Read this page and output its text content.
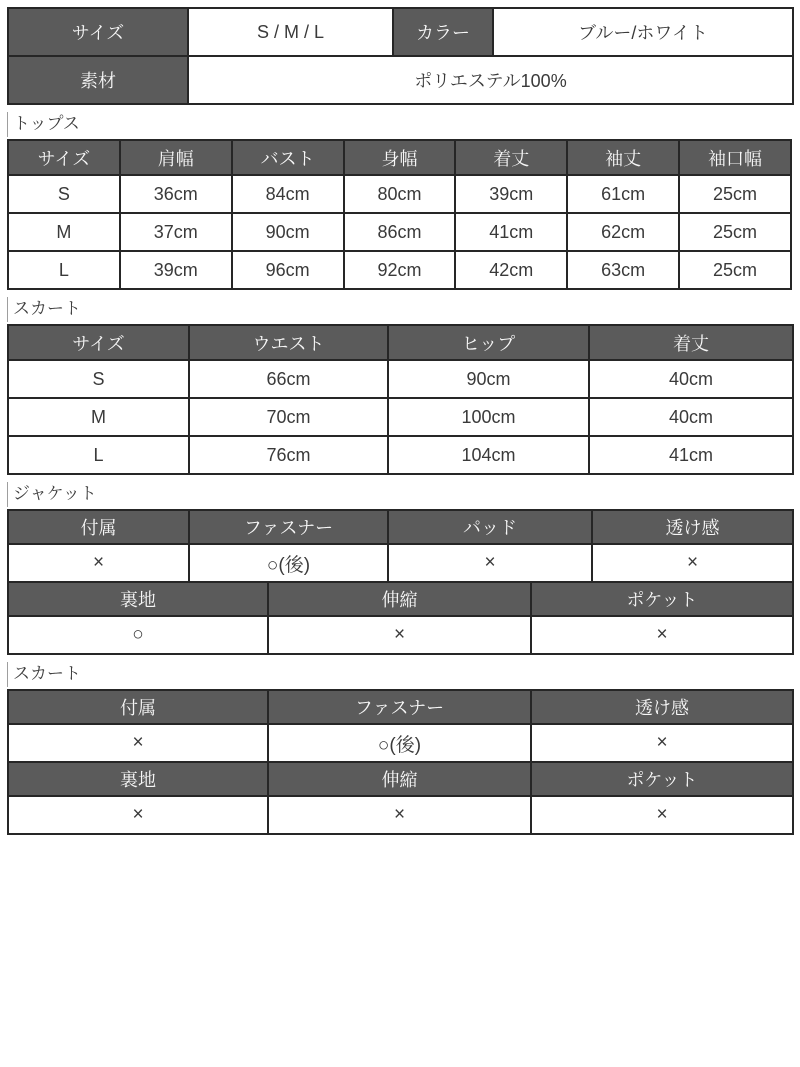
サイズ	S / M / L	カラー	ブルー/ホワイト
素材	ポリエステル100%		
トップス
サイズ	肩幅	バスト	身幅	着丈	袖丈	袖口幅
S	36cm	84cm	80cm	39cm	61cm	25cm
M	37cm	90cm	86cm	41cm	62cm	25cm
L	39cm	96cm	92cm	42cm	63cm	25cm
スカート
サイズ	ウエスト	ヒップ	着丈
S	66cm	90cm	40cm
M	70cm	100cm	40cm
L	76cm	104cm	41cm
ジャケット
付属	ファスナー	パッド	透け感
×	○(後)	×	×
裏地	伸縮	ポケット
○	×	×
スカート
付属	ファスナー	透け感
×	○(後)	×
裏地	伸縮	ポケット
×	×	×
